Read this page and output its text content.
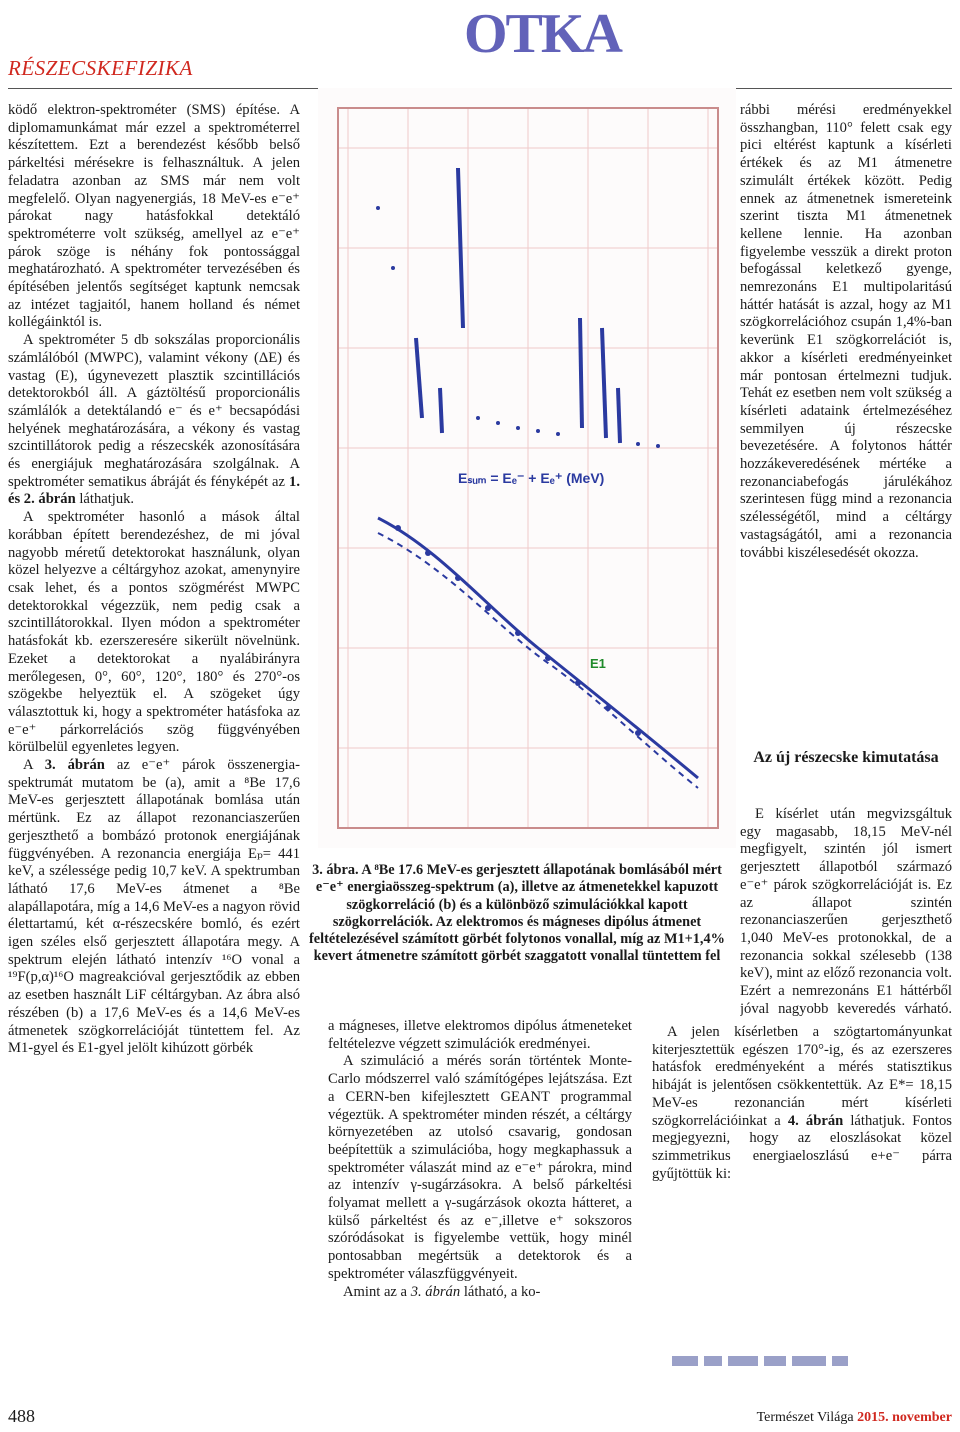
OTKA
RÉSZECSKEFIZIKA

ködő elektron-spektrométer (SMS) építése. A diplomamunkámat már ezzel a spektrométerrel készítettem. Ezt a berendezést később belső párkeltési mérésekre is felhasználtuk. A jelen feladatra azonban az SMS már nem volt megfelelő. Olyan nagyenergiás, 18 MeV-es e⁻e⁺ párokat nagy hatásfokkal detektáló spektrométerre volt szükség, amellyel az e⁻e⁺ párok szöge is néhány fok pontossággal meghatározható. A spektrométer tervezésében és építésében jelentős segítséget kaptunk nemcsak az intézet tagjaitól, hanem holland és német kollégáinktól is.

A spektrométer 5 db sokszálas proporcionális számlálóból (MWPC), valamint vékony (ΔE) és vastag (E), úgynevezett plasztik szcintillációs detektorokból áll. A gáztöltésű proporcionális számlálók a detektálandó e⁻ és e⁺ becsapódási helyének meghatározására, a vékony és vastag szcintillátorok pedig a részecskék azonosítására és energiájuk meghatározására szolgálnak. A spektrométer sematikus ábráját és fényképét az 1. és 2. ábrán láthatjuk.

A spektrométer hasonló a mások által korábban épített berendezéshez, de mi jóval nagyobb méretű detektorokat használunk, olyan közel helyezve a céltárgyhoz azokat, amenynyire csak lehet, és a pontos szögmérést MWPC detektorokkal végezzük, nem pedig csak a szcintillátorokkal. Ilyen módon a spektrométer hatásfokát kb. ezerszeresére sikerült növelnünk. Ezeket a detektorokat a nyalábirányra merőlegesen, 0°, 60°, 120°, 180° és 270°-os szögekbe helyeztük el. A szögeket úgy választottuk ki, hogy a spektrométer hatásfoka az e⁻e⁺ párkorrelációs szög függvényében körülbelül egyenletes legyen.

A 3. ábrán az e⁻e⁺ párok összenergia-spektrumát mutatom be (a), amit a ⁸Be 17,6 MeV-es gerjesztett állapotának bomlása után mértünk. Ez az állapot rezonanciaszerűen gerjeszthető a bombázó protonok energiájának függvényében. A rezonancia energiája Eₚ= 441 keV, a szélessége pedig 10,7 keV. A spektrumban látható 17,6 MeV-es átmenet a ⁸Be alapállapotára, míg a 14,6 MeV-es a nagyon rövid élettartamú, két α-részecskére bomló, és ezért igen széles első gerjesztett állapotára megy. A spektrum elején látható intenzív ¹⁶O vonal a ¹⁹F(p,α)¹⁶O magreakcióval gerjesztődik az ebben az esetben használt LiF céltárgyban. Az ábra alsó részében (b) a 17,6 MeV-es és a 14,6 MeV-es átmenetek szögkorrelációját tüntettem fel. Az M1-gyel és E1-gyel jelölt kihúzott görbék

Eₛᵤₘ = Eₑ⁻ + Eₑ⁺ (MeV)
E1
3. ábra. A ⁸Be 17.6 MeV-es gerjesztett állapotának bomlásából mért e⁻e⁺ energiaösszeg-spektrum (a), illetve az átmenetekkel kapuzott szögkorreláció (b) és a különböző szimulációkkal kapott szögkorrelációk. Az elektromos és mágneses dipólus átmenet feltételezésével számított görbét folytonos vonallal, míg az M1+1,4% kevert átmenetre számított görbét szaggatott vonallal tüntettem fel

a mágneses, illetve elektromos dipólus átmeneteket feltételezve végzett szimulációk eredményei.

A szimuláció a mérés során történtek Monte-Carlo módszerrel való számítógépes lejátszása. Ezt a CERN-ben kifejlesztett GEANT programmal végeztük. A spektrométer minden részét, a céltárgy környezetében az utolsó csavarig, gondosan beépítettük a szimulációba, hogy megkaphassuk a spektrométer válaszát mind az e⁻e⁺ párokra, mind az intenzív γ-sugárzásokra. A belső párkeltési folyamat mellett a γ-sugárzások okozta hátteret, a külső párkeltést és az e⁻,illetve e⁺ sokszoros szóródásokat is figyelembe vettük, hogy minél pontosabban megértsük a detektorok és a spektrométer válaszfüggvényeit.

Amint az a 3. ábrán látható, a ko-

rábbi mérési eredményekkel összhangban, 110° felett csak egy pici eltérést kaptunk a kísérleti értékek és az M1 átmenetre szimulált értékek között. Pedig ennek az átmenetnek ismereteink szerint tiszta M1 átmenetnek kellene lennie. Ha azonban figyelembe vesszük a direkt proton befogással keletkező gyenge, nemrezonáns E1 multipolaritású háttér hatását is azzal, hogy az M1 szögkorrelációhoz csupán 1,4%-ban keverünk E1 szögkorrelációt is, akkor a kísérleti eredményeinket már pontosan értelmezni tudjuk. Tehát ez esetben nem volt szükség a kísérleti adataink értelmezéséhez semmilyen új részecske bevezetésére. A folytonos háttér hozzákeveredésének mértéke a rezonanciabefogás járulékához szerintesen függ mind a rezonancia szélességétől, mind a céltárgy vastagságától, ami a rezonancia további kiszélesedését okozza.

Az új részecske kimutatása

E kísérlet után megvizsgáltuk egy magasabb, 18,15 MeV-nél megfigyelt, szintén jól ismert gerjesztett állapotból származó e⁻e⁺ párok szögkorrelációját is. Ez az állapot szintén rezonanciaszerűen gerjeszthető 1,040 MeV-es protonokkal, de a rezonancia sokkal szélesebb (138 keV), mint az előző rezonancia volt. Ezért a nemrezonáns E1 háttérből jóval nagyobb keveredés várható.

A jelen kísérletben a szögtartományunkat kiterjesztettük egészen 170°-ig, és az ezerszeres hatásfok eredményeként a mérés statisztikus hibáját is jelentősen csökkentettük. Az E*= 18,15 MeV-es rezonancián mért kísérleti szögkorrelációinkat a 4. ábrán láthatjuk. Fontos megjegyezni, hogy az eloszlásokat közel szimmetrikus energiaeloszlású e+e⁻ párra gyűjtöttük ki:

488	Természet Világa 2015. november
